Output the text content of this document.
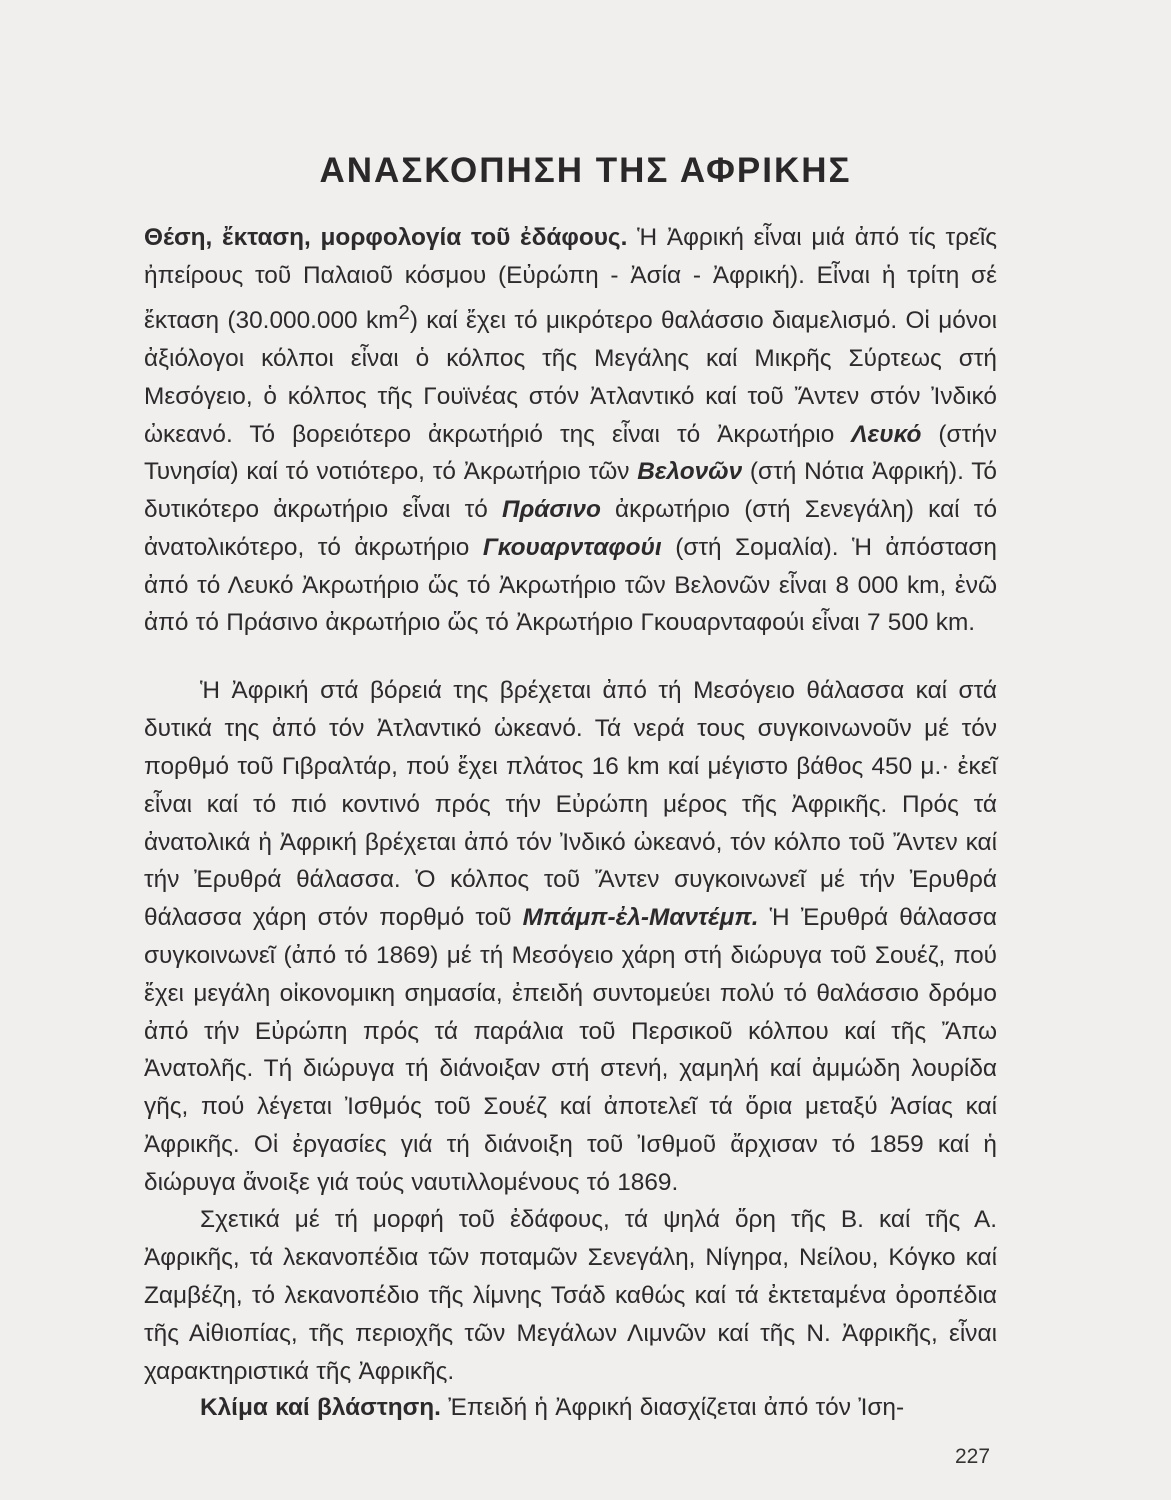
ΑΝΑΣΚΟΠΗΣΗ ΤΗΣ ΑΦΡΙΚΗΣ

Θέση, ἔκταση, μορφολογία τοῦ ἐδάφους. Ἡ Ἀφρική εἶναι μιά ἀπό τίς τρεῖς ἠπείρους τοῦ Παλαιοῦ κόσμου (Εὐρώπη - Ἀσία - Ἀφρική). Εἶναι ἡ τρίτη σέ ἔκταση (30.000.000 $km^2$) καί ἔχει τό μικρότερο θαλάσσιο διαμελισμό. Οἱ μόνοι ἀξιόλογοι κόλποι εἶναι ὁ κόλπος τῆς Μεγάλης καί Μικρῆς Σύρτεως στή Μεσόγειο, ὁ κόλπος τῆς Γουϊνέας στόν Ἀτλαντικό καί τοῦ Ἄντεν στόν Ἰνδικό ὠκεανό. Τό βορειότερο ἀκρωτήριό της εἶναι τό Ἀκρωτήριο Λευκό (στήν Τυνησία) καί τό νοτιότερο, τό Ἀκρωτήριο τῶν Βελονῶν (στή Νότια Ἀφρική). Τό δυτικότερο ἀκρωτήριο εἶναι τό Πράσινο ἀκρωτήριο (στή Σενεγάλη) καί τό ἀνατολικότερο, τό ἀκρωτήριο Γκουαρνταφούι (στή Σομαλία). Ἡ ἀπόσταση ἀπό τό Λευκό Ἀκρωτήριο ὥς τό Ἀκρωτήριο τῶν Βελονῶν εἶναι 8 000 km, ἐνῶ ἀπό τό Πράσινο ἀκρωτήριο ὥς τό Ἀκρωτήριο Γκουαρνταφούι εἶναι 7 500 km.

Ἡ Ἀφρική στά βόρειά της βρέχεται ἀπό τή Μεσόγειο θάλασσα καί στά δυτικά της ἀπό τόν Ἀτλαντικό ὠκεανό. Τά νερά τους συγκοινωνοῦν μέ τόν πορθμό τοῦ Γιβραλτάρ, πού ἔχει πλάτος 16 km καί μέγιστο βάθος 450 μ.· ἐκεῖ εἶναι καί τό πιό κοντινό πρός τήν Εὐρώπη μέρος τῆς Ἀφρικῆς. Πρός τά ἀνατολικά ἡ Ἀφρική βρέχεται ἀπό τόν Ἰνδικό ὠκεανό, τόν κόλπο τοῦ Ἄντεν καί τήν Ἐρυθρά θάλασσα. Ὁ κόλπος τοῦ Ἄντεν συγκοινωνεῖ μέ τήν Ἐρυθρά θάλασσα χάρη στόν πορθμό τοῦ Μπάμπ-ἐλ-Μαντέμπ. Ἡ Ἐρυθρά θάλασσα συγκοινωνεῖ (ἀπό τό 1869) μέ τή Μεσόγειο χάρη στή διώρυγα τοῦ Σουέζ, πού ἔχει μεγάλη οἰκονομικη σημασία, ἐπειδή συντομεύει πολύ τό θαλάσσιο δρόμο ἀπό τήν Εὐρώπη πρός τά παράλια τοῦ Περσικοῦ κόλπου καί τῆς Ἄπω Ἀνατολῆς. Τή διώρυγα τή διάνοιξαν στή στενή, χαμηλή καί ἀμμώδη λουρίδα γῆς, πού λέγεται Ἰσθμός τοῦ Σουέζ καί ἀποτελεῖ τά ὅρια μεταξύ Ἀσίας καί Ἀφρικῆς. Οἱ ἐργασίες γιά τή διάνοιξη τοῦ Ἰσθμοῦ ἄρχισαν τό 1859 καί ἡ διώρυγα ἄνοιξε γιά τούς ναυτιλλομένους τό 1869.

Σχετικά μέ τή μορφή τοῦ ἐδάφους, τά ψηλά ὄρη τῆς Β. καί τῆς Α. Ἀφρικῆς, τά λεκανοπέδια τῶν ποταμῶν Σενεγάλη, Νίγηρα, Νείλου, Κόγκο καί Ζαμβέζη, τό λεκανοπέδιο τῆς λίμνης Τσάδ καθώς καί τά ἐκτεταμένα ὀροπέδια τῆς Αἰθιοπίας, τῆς περιοχῆς τῶν Μεγάλων Λιμνῶν καί τῆς Ν. Ἀφρικῆς, εἶναι χαρακτηριστικά τῆς Ἀφρικῆς.

Κλίμα καί βλάστηση. Ἐπειδή ἡ Ἀφρική διασχίζεται ἀπό τόν Ἰση-

227
